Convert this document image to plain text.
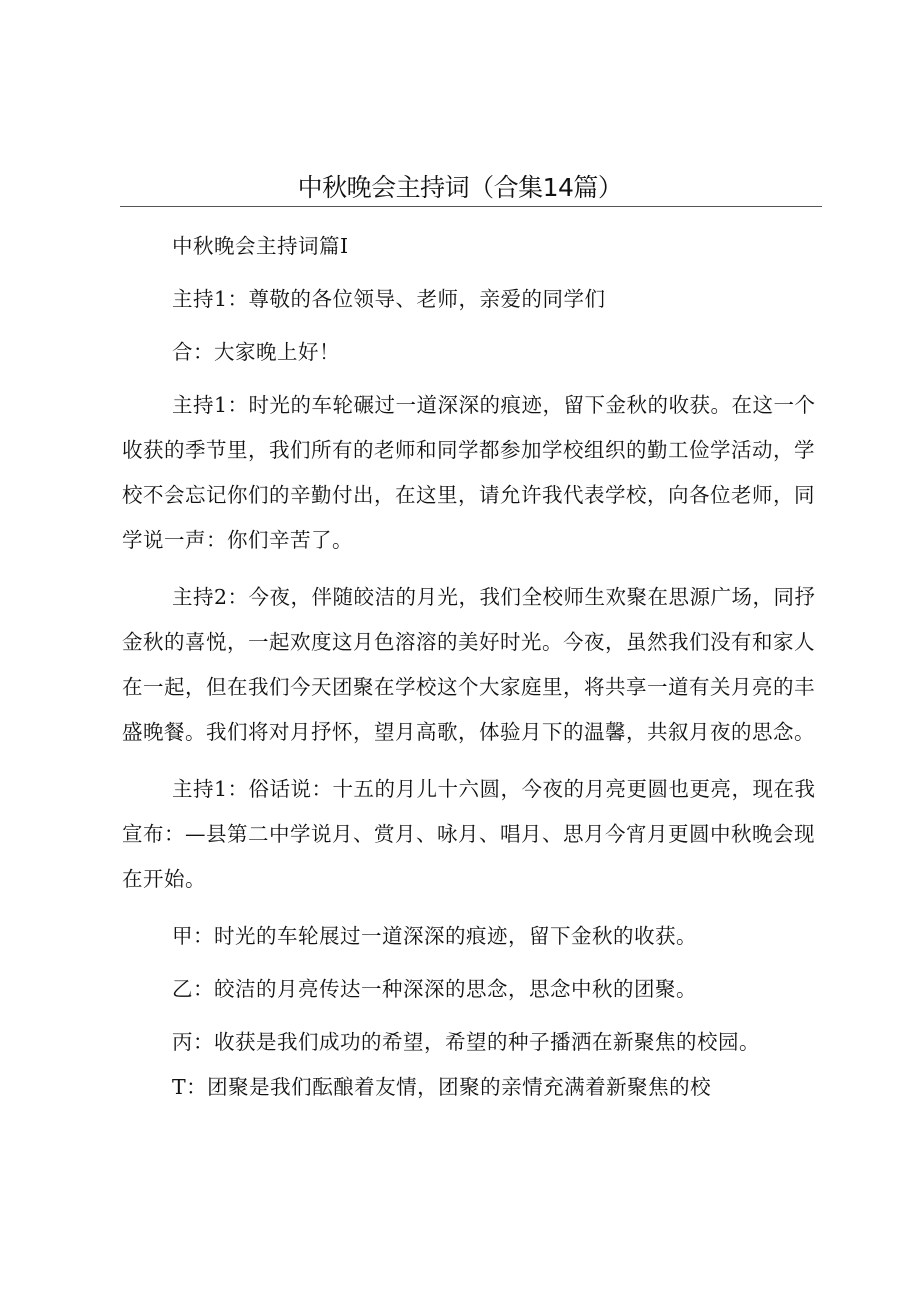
中秋晚会主持词（合集14篇）

中秋晚会主持词篇I

主持1：尊敬的各位领导、老师，亲爱的同学们

合：大家晚上好！

主持1：时光的车轮碾过一道深深的痕迹，留下金秋的收获。在这一个收获的季节里，我们所有的老师和同学都参加学校组织的勤工俭学活动，学校不会忘记你们的辛勤付出，在这里，请允许我代表学校，向各位老师，同学说一声：你们辛苦了。

主持2：今夜，伴随皎洁的月光，我们全校师生欢聚在思源广场，同抒金秋的喜悦，一起欢度这月色溶溶的美好时光。今夜，虽然我们没有和家人在一起，但在我们今天团聚在学校这个大家庭里，将共享一道有关月亮的丰盛晚餐。我们将对月抒怀，望月高歌，体验月下的温馨，共叙月夜的思念。

主持1：俗话说：十五的月儿十六圆，今夜的月亮更圆也更亮，现在我宣布：—县第二中学说月、赏月、咏月、唱月、思月今宵月更圆中秋晚会现在开始。

甲：时光的车轮展过一道深深的痕迹，留下金秋的收获。

乙：皎洁的月亮传达一种深深的思念，思念中秋的团聚。

丙：收获是我们成功的希望，希望的种子播洒在新聚焦的校园。

T：团聚是我们酝酿着友情，团聚的亲情充满着新聚焦的校
